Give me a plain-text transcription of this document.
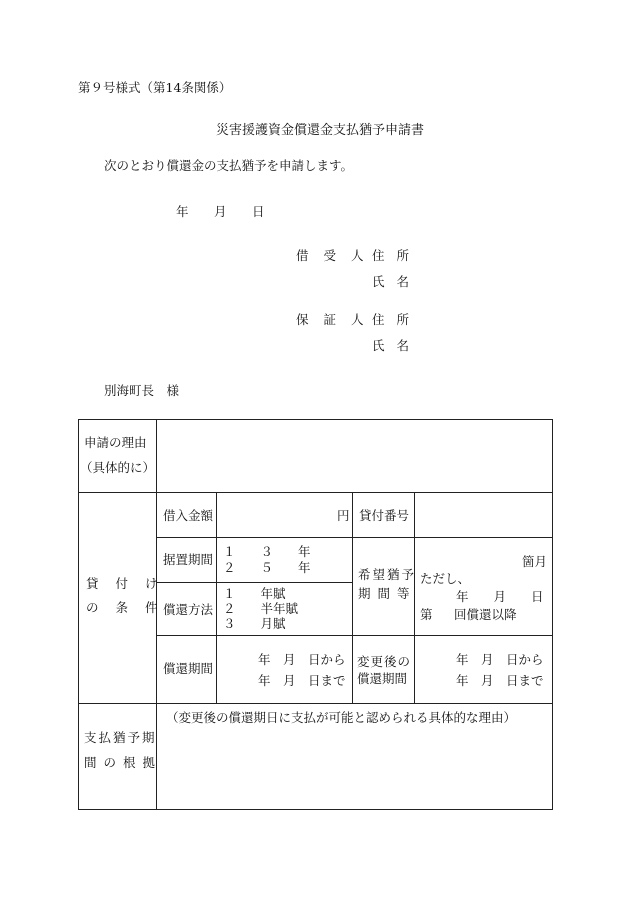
第９号様式（第14条関係）
災害援護資金償還金支払猶予申請書
次のとおり償還金の支払猶予を申請します。
年 月 日
借受人
住所
氏名
保証人
住所
氏名
別海町長　様
申請の理由
（具体的に）
貸付け
の条件
借入金額	円 貸付番号
据置期間
１　　３　　年
２　　５　　年
償還方法
１　　年賦
２　　半年賦
３　　月賦
希望猶予
期間等
箇月
ただし、
年　　月　　日
第 回償還以降
償還期間
年　月　日から
年　月　日まで
変更後の
償還期間
年　月　日から
年　月　日まで
支払猶予期
間の根拠
（変更後の償還期日に支払が可能と認められる具体的な理由）
